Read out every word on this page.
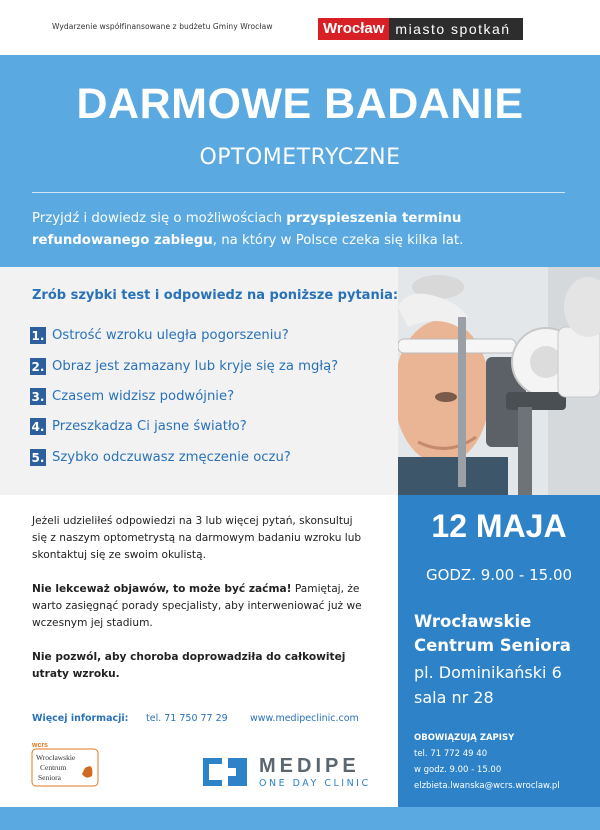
Wydarzenie współfinansowane z budżetu Gminy Wrocław	Wrocław miasto spotkań
DARMOWE BADANIE
OPTOMETRYCZNE
Przyjdź i dowiedz się o możliwościach przyspieszenia terminu refundowanego zabiegu, na który w Polsce czeka się kilka lat.
Zrób szybki test i odpowiedz na poniższe pytania:
1. Ostrość wzroku uległa pogorszeniu?
2. Obraz jest zamazany lub kryje się za mgłą?
3. Czasem widzisz podwójnie?
4. Przeszkadza Ci jasne światło?
5. Szybko odczuwasz zmęczenie oczu?

Jeżeli udzieliłeś odpowiedzi na 3 lub więcej pytań, skonsultuj się z naszym optometrystą na darmowym badaniu wzroku lub skontaktuj się ze swoim okulistą.

Nie lekceważ objawów, to może być zaćma! Pamiętaj, że warto zasięgnąć porady specjalisty, aby interweniować już we wczesnym jej stadium.

Nie pozwól, aby choroba doprowadziła do całkowitej utraty wzroku.

Więcej informacji: tel. 71 750 77 29 www.medipeclinic.com
12 MAJA
GODZ. 9.00 - 15.00
Wrocławskie
Centrum Seniora
pl. Dominikański 6
sala nr 28
OBOWIĄZUJĄ ZAPISY
tel. 71 772 49 40
w godz. 9.00 - 15.00
elzbieta.lwanska@wcrs.wroclaw.pl
wcrs
Wrocławskie
Centrum
Seniora
MEDIPE
ONE DAY CLINIC
